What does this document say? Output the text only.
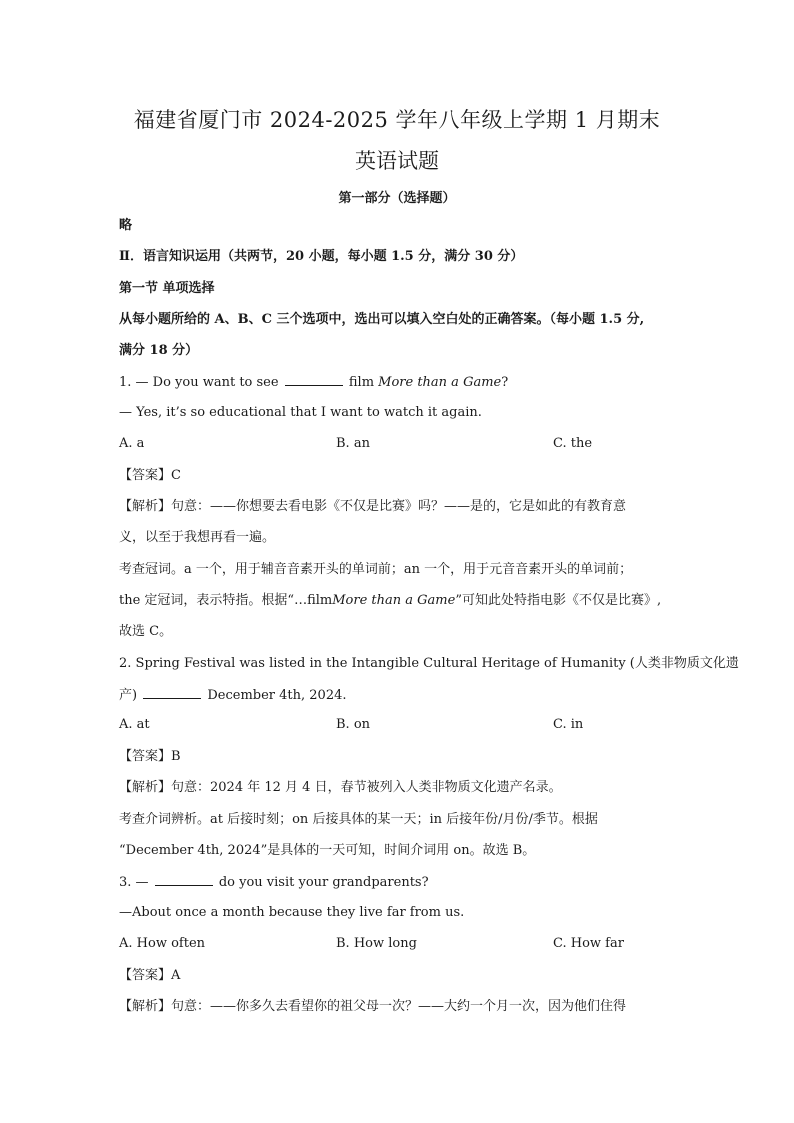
福建省厦门市 2024-2025 学年八年级上学期 1 月期末
英语试题
第一部分（选择题）
略
Ⅱ．语言知识运用（共两节，20 小题，每小题 1.5 分，满分 30 分）
第一节 单项选择
从每小题所给的 A、B、C 三个选项中，选出可以填入空白处的正确答案。（每小题 1.5 分,
满分 18 分）
1. — Do you want to see	film More than a Game?
— Yes, it’s so educational that I want to watch it again.
A. a	B. an	C. the
【答案】C
【解析】句意：——你想要去看电影《不仅是比赛》吗？——是的，它是如此的有教育意
义，以至于我想再看一遍。
考查冠词。a 一个，用于辅音音素开头的单词前；an 一个，用于元音音素开头的单词前；
the 定冠词，表示特指。根据“…filmMore than a Game”可知此处特指电影《不仅是比赛》,
故选 C。
2. Spring Festival was listed in the Intangible Cultural Heritage of Humanity (人类非物质文化遗
产)	December 4th, 2024.
A. at	B. on	C. in
【答案】B
【解析】句意：2024 年 12 月 4 日，春节被列入人类非物质文化遗产名录。
考查介词辨析。at 后接时刻；on 后接具体的某一天；in 后接年份/月份/季节。根据
“December 4th, 2024”是具体的一天可知，时间介词用 on。故选 B。
3. —	do you visit your grandparents?
—About once a month because they live far from us.
A. How often	B. How long	C. How far
【答案】A
【解析】句意：——你多久去看望你的祖父母一次？——大约一个月一次，因为他们住得
